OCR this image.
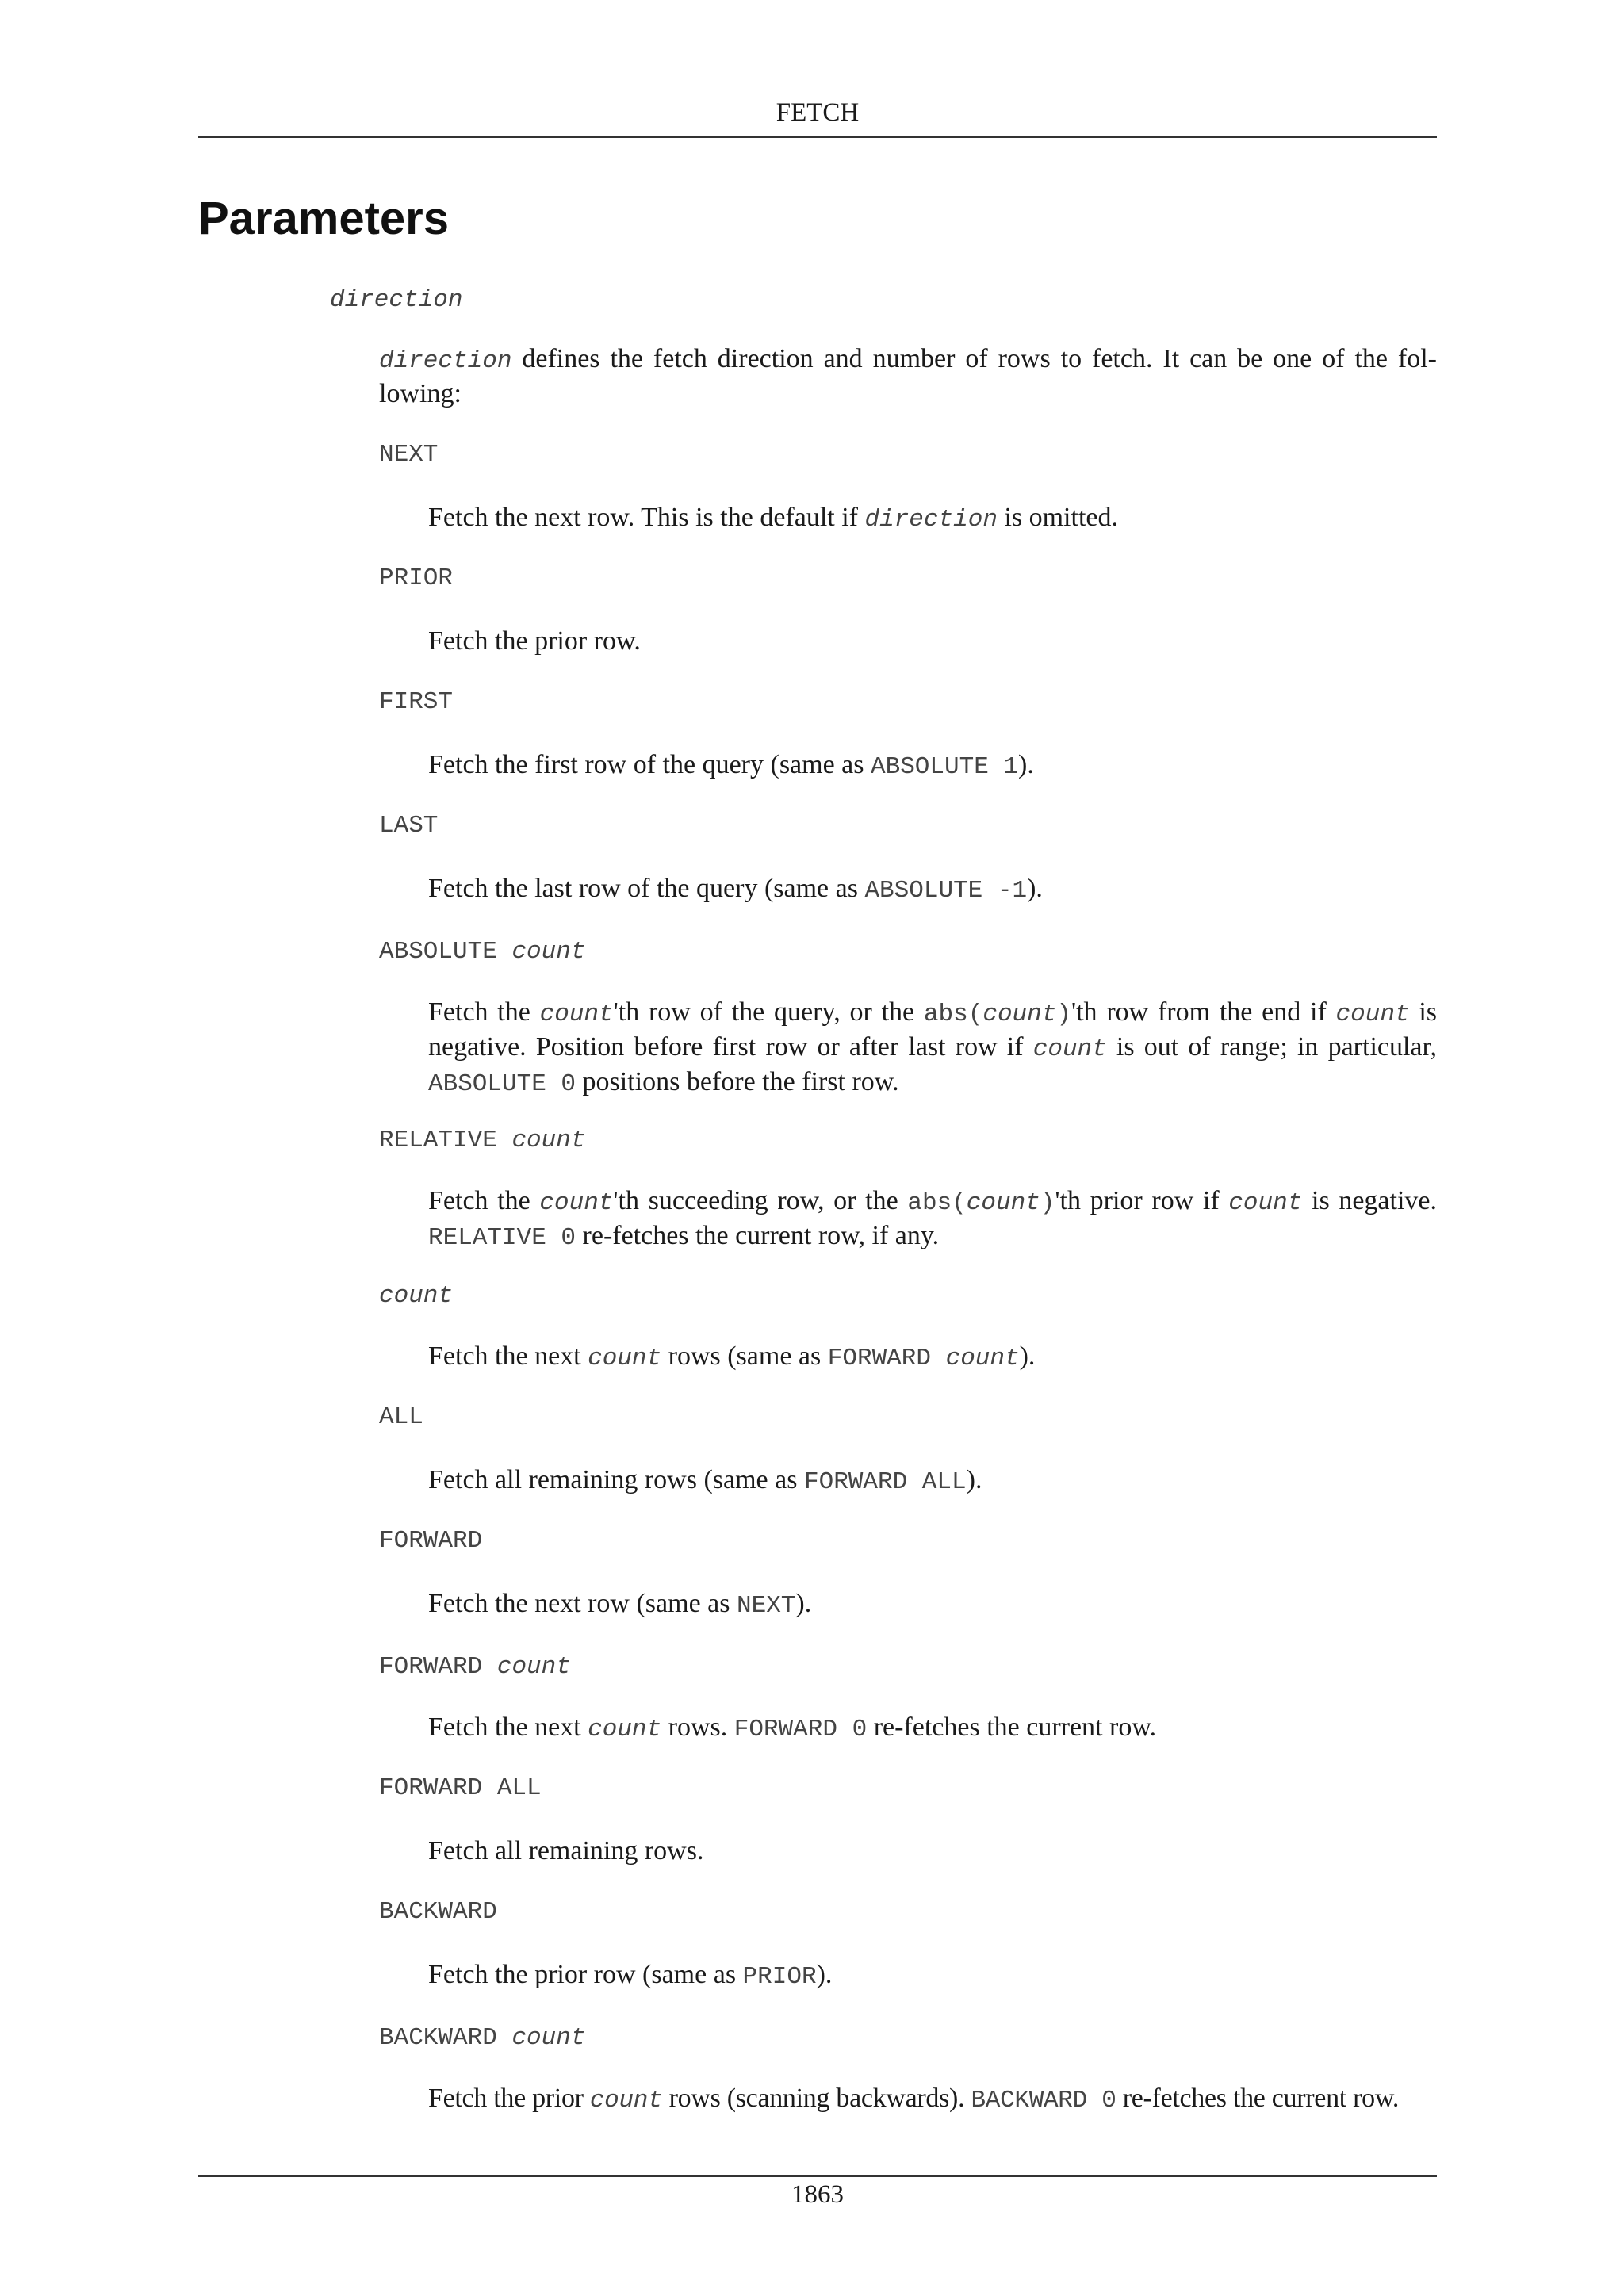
FETCH
Parameters
direction
direction defines the fetch direction and number of rows to fetch. It can be one of the fol- lowing:
NEXT
Fetch the next row. This is the default if direction is omitted.
PRIOR
Fetch the prior row.
FIRST
Fetch the first row of the query (same as ABSOLUTE 1).
LAST
Fetch the last row of the query (same as ABSOLUTE -1).
ABSOLUTE count
Fetch the count'th row of the query, or the abs(count)'th row from the end if count is negative. Position before first row or after last row if count is out of range; in particular, ABSOLUTE 0 positions before the first row.
RELATIVE count
Fetch the count'th succeeding row, or the abs(count)'th prior row if count is negative. RELATIVE 0 re-fetches the current row, if any.
count
Fetch the next count rows (same as FORWARD count).
ALL
Fetch all remaining rows (same as FORWARD ALL).
FORWARD
Fetch the next row (same as NEXT).
FORWARD count
Fetch the next count rows. FORWARD 0 re-fetches the current row.
FORWARD ALL
Fetch all remaining rows.
BACKWARD
Fetch the prior row (same as PRIOR).
BACKWARD count
Fetch the prior count rows (scanning backwards). BACKWARD 0 re-fetches the current row.
1863
